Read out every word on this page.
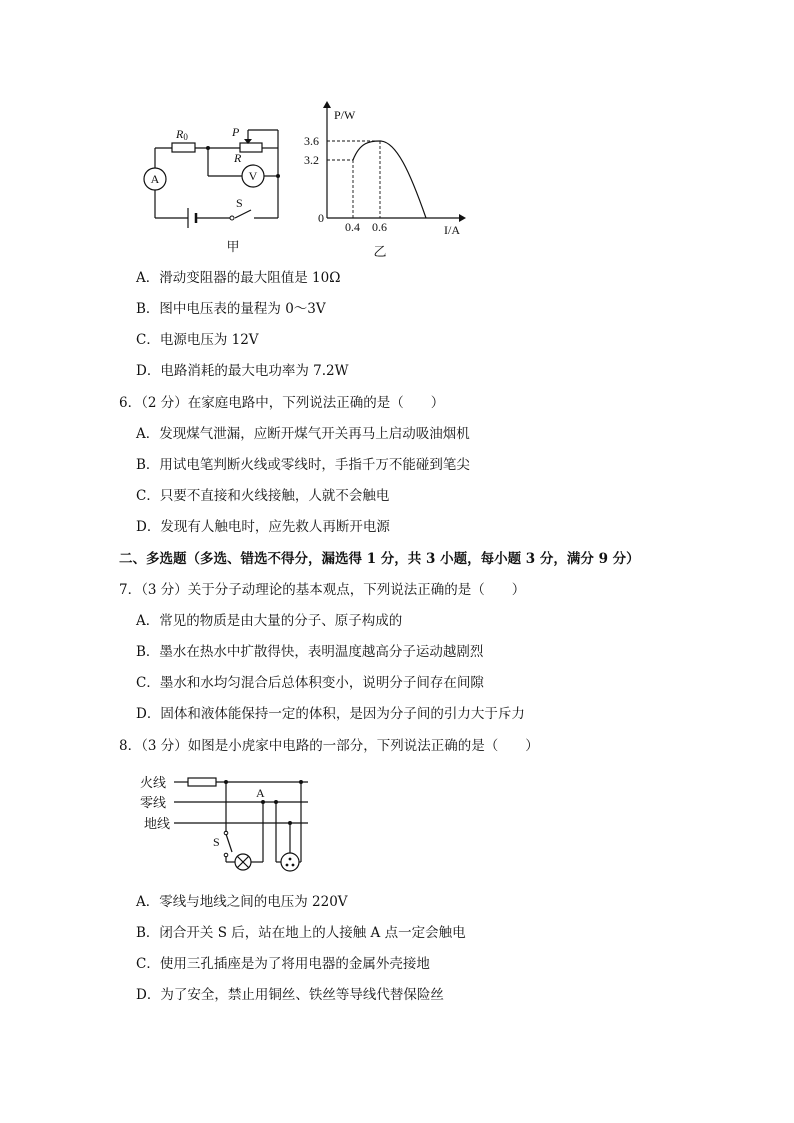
R0	P
R
A	V
S
甲
P/W
I/A
0
3.6
3.2
0.4 0.6
乙
A．滑动变阻器的最大阻值是 10Ω
B．图中电压表的量程为 0～3V
C．电源电压为 12V
D．电路消耗的最大电功率为 7.2W
6．（2 分）在家庭电路中，下列说法正确的是（　　）
A．发现煤气泄漏，应断开煤气开关再马上启动吸油烟机
B．用试电笔判断火线或零线时，手指千万不能碰到笔尖
C．只要不直接和火线接触，人就不会触电
D．发现有人触电时，应先救人再断开电源
二、多选题（多选、错选不得分，漏选得 1 分，共 3 小题，每小题 3 分，满分 9 分）
7．（3 分）关于分子动理论的基本观点，下列说法正确的是（　　）
A．常见的物质是由大量的分子、原子构成的
B．墨水在热水中扩散得快，表明温度越高分子运动越剧烈
C．墨水和水均匀混合后总体积变小，说明分子间存在间隙
D．固体和液体能保持一定的体积，是因为分子间的引力大于斥力
8．（3 分）如图是小虎家中电路的一部分，下列说法正确的是（　　）
火线
零线
地线
A
S
A．零线与地线之间的电压为 220V
B．闭合开关 S 后，站在地上的人接触 A 点一定会触电
C．使用三孔插座是为了将用电器的金属外壳接地
D．为了安全，禁止用铜丝、铁丝等导线代替保险丝
